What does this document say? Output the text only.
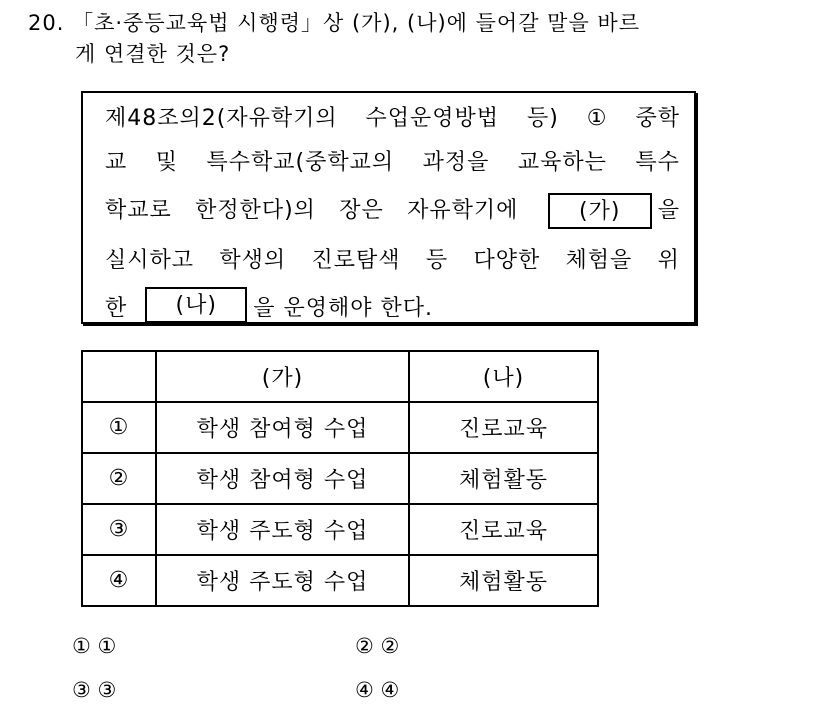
20. 「초·중등교육법 시행령」상 (가), (나)에 들어갈 말을 바르
게 연결한 것은?
제48조의2(자유학기의 수업운영방법 등) ① 중학
교 및 특수학교(중학교의 과정을 교육하는 특수
학교로 한정한다)의 장은 자유학기에	(가) 을
실시하고 학생의 진로탐색 등 다양한 체험을 위
한	(나)	을 운영해야 한다.
	(가)	(나)
①	학생 참여형 수업	진로교육
②	학생 참여형 수업	체험활동
③	학생 주도형 수업	진로교육
④	학생 주도형 수업	체험활동
① ①	② ②
③ ③	④ ④
